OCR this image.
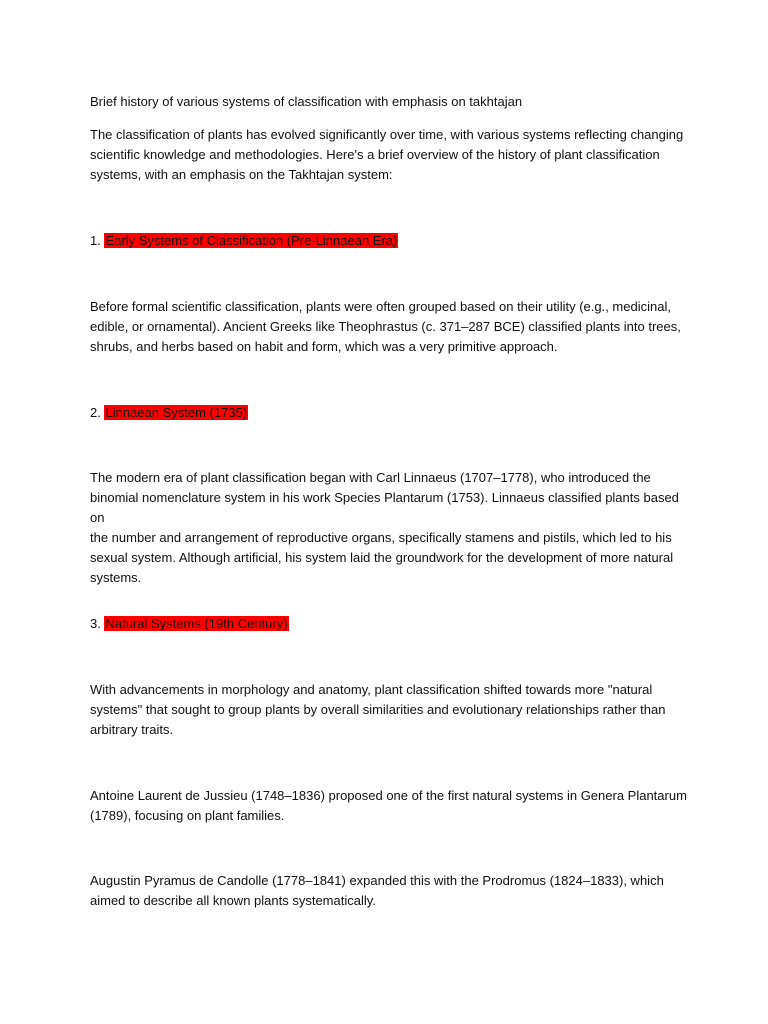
Brief history of various systems of classification with emphasis on takhtajan

The classification of plants has evolved significantly over time, with various systems reflecting changing
scientific knowledge and methodologies. Here's a brief overview of the history of plant classification
systems, with an emphasis on the Takhtajan system:

1. Early Systems of Classification (Pre-Linnaean Era)

Before formal scientific classification, plants were often grouped based on their utility (e.g., medicinal,
edible, or ornamental). Ancient Greeks like Theophrastus (c. 371–287 BCE) classified plants into trees,
shrubs, and herbs based on habit and form, which was a very primitive approach.

2. Linnaean System (1735)

The modern era of plant classification began with Carl Linnaeus (1707–1778), who introduced the
binomial nomenclature system in his work Species Plantarum (1753). Linnaeus classified plants based on
the number and arrangement of reproductive organs, specifically stamens and pistils, which led to his
sexual system. Although artificial, his system laid the groundwork for the development of more natural
systems.

3. Natural Systems (19th Century)

With advancements in morphology and anatomy, plant classification shifted towards more "natural
systems" that sought to group plants by overall similarities and evolutionary relationships rather than
arbitrary traits.

Antoine Laurent de Jussieu (1748–1836) proposed one of the first natural systems in Genera Plantarum
(1789), focusing on plant families.

Augustin Pyramus de Candolle (1778–1841) expanded this with the Prodromus (1824–1833), which
aimed to describe all known plants systematically.
